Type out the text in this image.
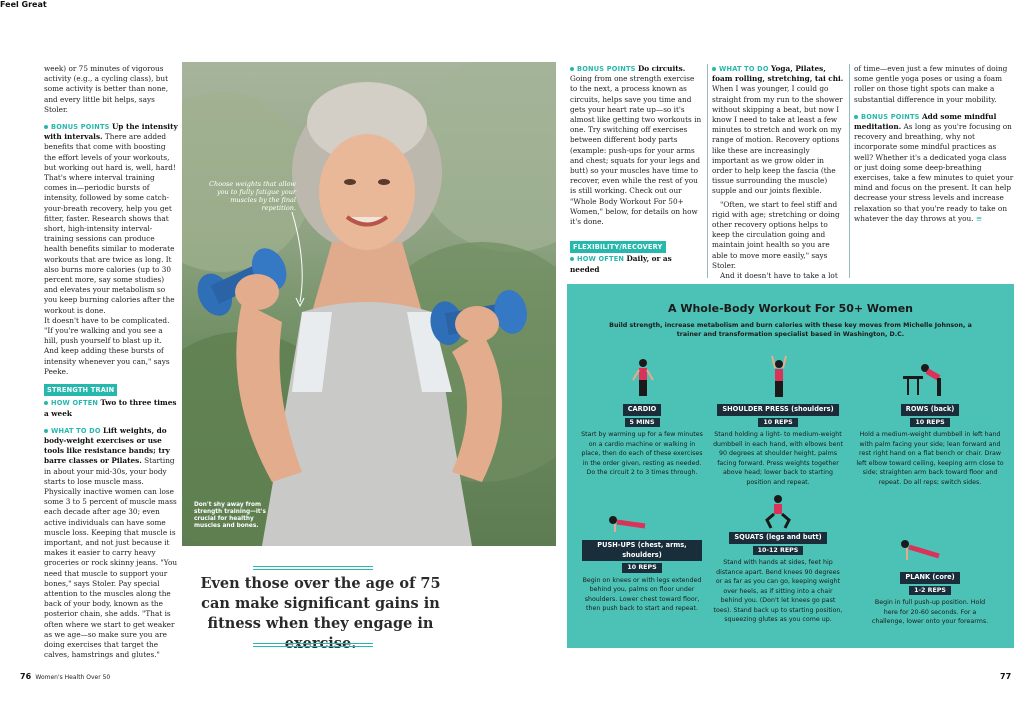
Feel Great

week) or 75 minutes of vigorous activity (e.g., a cycling class), but some activity is better than none, and every little bit helps, says Stoler.

BONUS POINTS Up the intensity with intervals. There are added benefits that come with boosting the effort levels of your workouts, but working out hard is, well, hard! That's where interval training comes in—periodic bursts of intensity, followed by some catch-your-breath recovery, help you get fitter, faster. Research shows that short, high-intensity interval-training sessions can produce health benefits similar to moderate workouts that are twice as long. It also burns more calories (up to 30 percent more, say some studies) and elevates your metabolism so you keep burning calories after the workout is done.

It doesn't have to be complicated. "If you're walking and you see a hill, push yourself to blast up it. And keep adding these bursts of intensity whenever you can," says Peeke.

STRENGTH TRAIN

HOW OFTEN Two to three times a week

WHAT TO DO Lift weights, do body-weight exercises or use tools like resistance bands; try barre classes or Pilates. Starting in about your mid-30s, your body starts to lose muscle mass. Physically inactive women can lose some 3 to 5 percent of muscle mass each decade after age 30; even active individuals can have some muscle loss. Keeping that muscle is important, and not just because it makes it easier to carry heavy groceries or rock skinny jeans. "You need that muscle to support your bones," says Stoler. Pay special attention to the muscles along the back of your body, known as the posterior chain, she adds. "That is often where we start to get weaker as we age—so make sure you are doing exercises that target the calves, hamstrings and glutes."

Choose weights that allow you to fully fatigue your muscles by the final repetition.
Don't shy away from strength training—it's crucial for healthy muscles and bones.
Even those over the age of 75 can make significant gains in fitness when they engage in exercise.

BONUS POINTS Do circuits. Going from one strength exercise to the next, a process known as circuits, helps save you time and gets your heart rate up—so it's almost like getting two workouts in one. Try switching off exercises between different body parts (example: push-ups for your arms and chest; squats for your legs and butt) so your muscles have time to recover, even while the rest of you is still working. Check out our "Whole Body Workout For 50+ Women," below, for details on how it's done.

FLEXIBILITY/RECOVERY
HOW OFTEN Daily, or as needed

WHAT TO DO Yoga, Pilates, foam rolling, stretching, tai chi. When I was younger, I could go straight from my run to the shower without skipping a beat, but now I know I need to take at least a few minutes to stretch and work on my range of motion. Recovery options like these are increasingly important as we grow older in order to help keep the fascia (the tissue surrounding the muscle) supple and our joints flexible.

"Often, we start to feel stiff and rigid with age; stretching or doing other recovery options helps to keep the circulation going and maintain joint health so you are able to move more easily," says Stoler.

And it doesn't have to take a lot

of time—even just a few minutes of doing some gentle yoga poses or using a foam roller on those tight spots can make a substantial difference in your mobility.

BONUS POINTS Add some mindful meditation. As long as you're focusing on recovery and breathing, why not incorporate some mindful practices as well? Whether it's a dedicated yoga class or just doing some deep-breathing exercises, take a few minutes to quiet your mind and focus on the present. It can help decrease your stress levels and increase relaxation so that you're ready to take on whatever the day throws at you. ≡

A Whole-Body Workout For 50+ Women
Build strength, increase metabolism and burn calories with these key moves from Michelle Johnson, a trainer and transformation specialist based in Washington, D.C.
CARDIO
5 MINS
Start by warming up for a few minutes on a cardio machine or walking in place, then do each of these exercises in the order given, resting as needed. Do the circuit 2 to 3 times through.
SHOULDER PRESS (shoulders)
10 REPS
Stand holding a light- to medium-weight dumbbell in each hand, with elbows bent 90 degrees at shoulder height, palms facing forward. Press weights together above head; lower back to starting position and repeat.
ROWS (back)
10 REPS
Hold a medium-weight dumbbell in left hand with palm facing your side; lean forward and rest right hand on a flat bench or chair. Draw left elbow toward ceiling, keeping arm close to side; straighten arm back toward floor and repeat. Do all reps; switch sides.
PUSH-UPS (chest, arms, shoulders)
10 REPS
Begin on knees or with legs extended behind you, palms on floor under shoulders. Lower chest toward floor, then push back to start and repeat.
SQUATS (legs and butt)
10-12 REPS
Stand with hands at sides, feet hip distance apart. Bend knees 90 degrees or as far as you can go, keeping weight over heels, as if sitting into a chair behind you. (Don't let knees go past toes). Stand back up to starting position, squeezing glutes as you come up.
PLANK (core)
1-2 REPS
Begin in full push-up position. Hold here for 20-60 seconds. For a challenge, lower onto your forearms.
76 Women's Health Over 50	77
